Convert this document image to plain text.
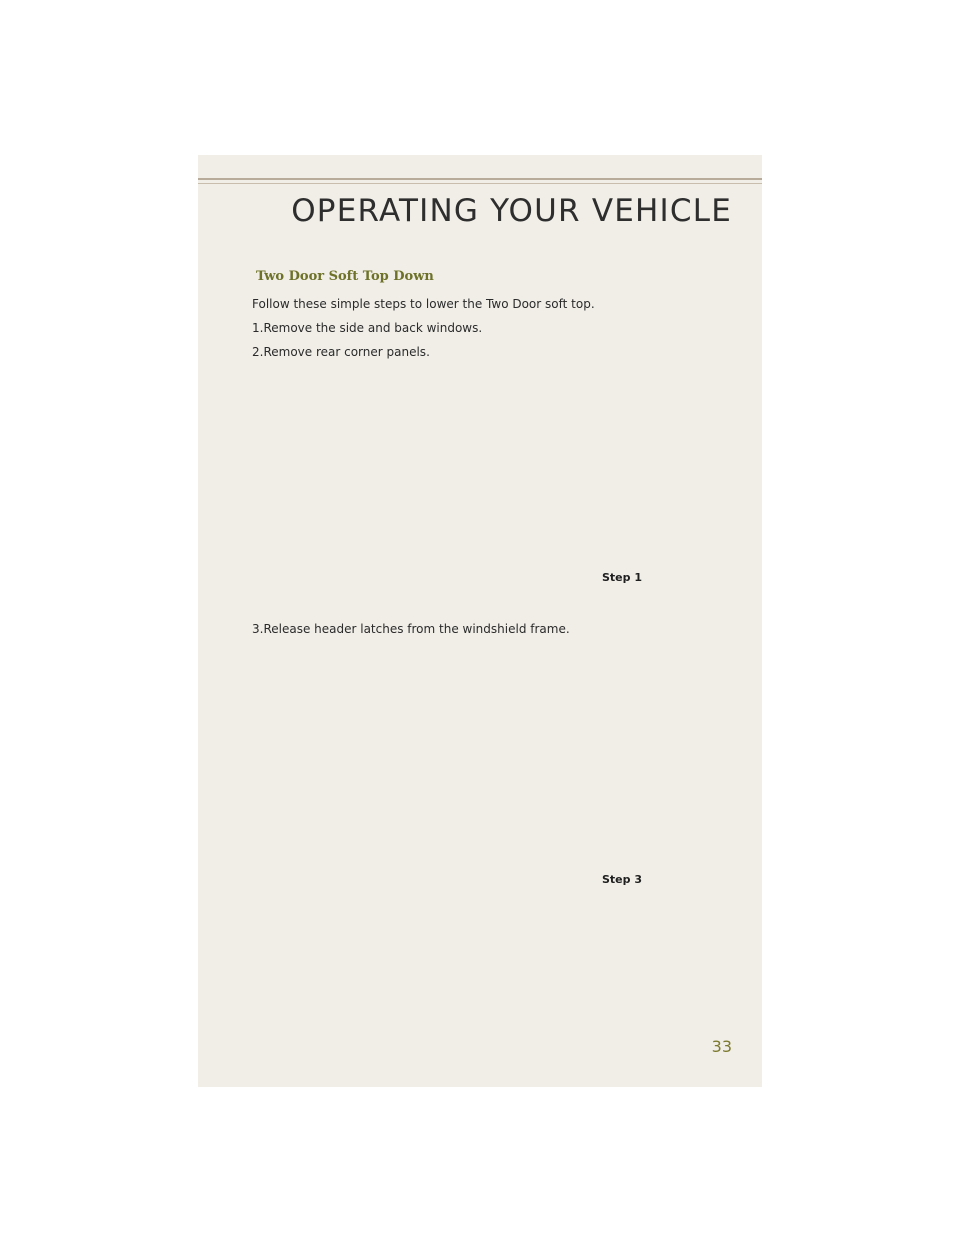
OPERATING YOUR VEHICLE
Two Door Soft Top Down
Follow these simple steps to lower the Two Door soft top.
1.Remove the side and back windows.
2.Remove rear corner panels.
Step 1
3.Release header latches from the windshield frame.
Step 3
33
